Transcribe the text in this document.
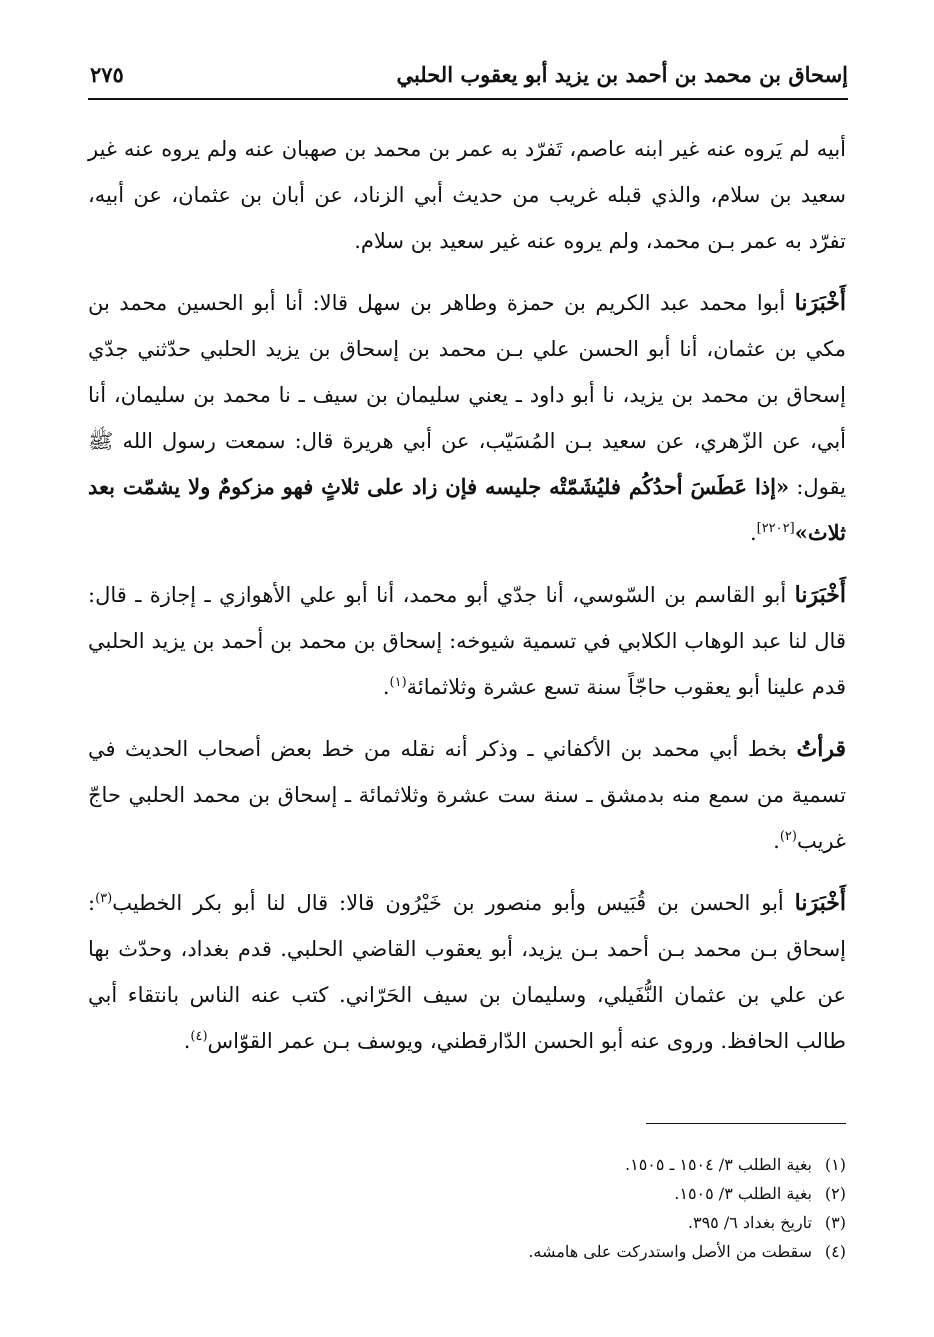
إسحاق بن محمد بن أحمد بن يزيد أبو يعقوب الحلبي
٢٧٥

أبيه لم يَروه عنه غير ابنه عاصم، تَفرّد به عمر بن محمد بن صهبان عنه ولم يروه عنه غير سعيد بن سلام، والذي قبله غريب من حديث أبي الزناد، عن أبان بن عثمان، عن أبيه، تفرّد به عمر بـن محمد، ولم يروه عنه غير سعيد بن سلام.

أَخْبَرَنا أبوا محمد عبد الكريم بن حمزة وطاهر بن سهل قالا: أنا أبو الحسين محمد بن مكي بن عثمان، أنا أبو الحسن علي بـن محمد بن إسحاق بن يزيد الحلبي حدّثني جدّي إسحاق بن محمد بن يزيد، نا أبو داود ـ يعني سليمان بن سيف ـ نا محمد بن سليمان، أنا أبي، عن الزّهري، عن سعيد بـن المُسَيّب، عن أبي هريرة قال: سمعت رسول الله ﷺ يقول: «إذا عَطَسَ أحدُكُم فليُشَمّتْه جليسه فإن زاد على ثلاثٍ فهو مزكومٌ ولا يشمّت بعد ثلاث»[٢٢٠٢].

أَخْبَرَنا أبو القاسم بن السّوسي، أنا جدّي أبو محمد، أنا أبو علي الأهوازي ـ إجازة ـ قال: قال لنا عبد الوهاب الكلابي في تسمية شيوخه: إسحاق بن محمد بن أحمد بن يزيد الحلبي قدم علينا أبو يعقوب حاجّاً سنة تسع عشرة وثلاثمائة$^{(١)}$.

قرأتُ بخط أبي محمد بن الأكفاني ـ وذكر أنه نقله من خط بعض أصحاب الحديث في تسمية من سمع منه بدمشق ـ سنة ست عشرة وثلاثمائة ـ إسحاق بن محمد الحلبي حاجّ غريب$^{(٢)}$.

أَخْبَرَنا أبو الحسن بن قُبَيس وأبو منصور بن خَيْرُون قالا: قال لنا أبو بكر الخطيب$^{(٣)}$: إسحاق بـن محمد بـن أحمد بـن يزيد، أبو يعقوب القاضي الحلبي. قدم بغداد، وحدّث بها عن علي بن عثمان النُّفَيلي، وسليمان بن سيف الحَرّاني. كتب عنه الناس بانتقاء أبي طالب الحافظ. وروى عنه أبو الحسن الدّارقطني، ويوسف بـن عمر القوّاس$^{(٤)}$.

(١)بغية الطلب ٣/ ١٥٠٤ ـ ١٥٠٥.
(٢)بغية الطلب ٣/ ١٥٠٥.
(٣)تاريخ بغداد ٦/ ٣٩٥.
(٤)سقطت من الأصل واستدركت على هامشه.
